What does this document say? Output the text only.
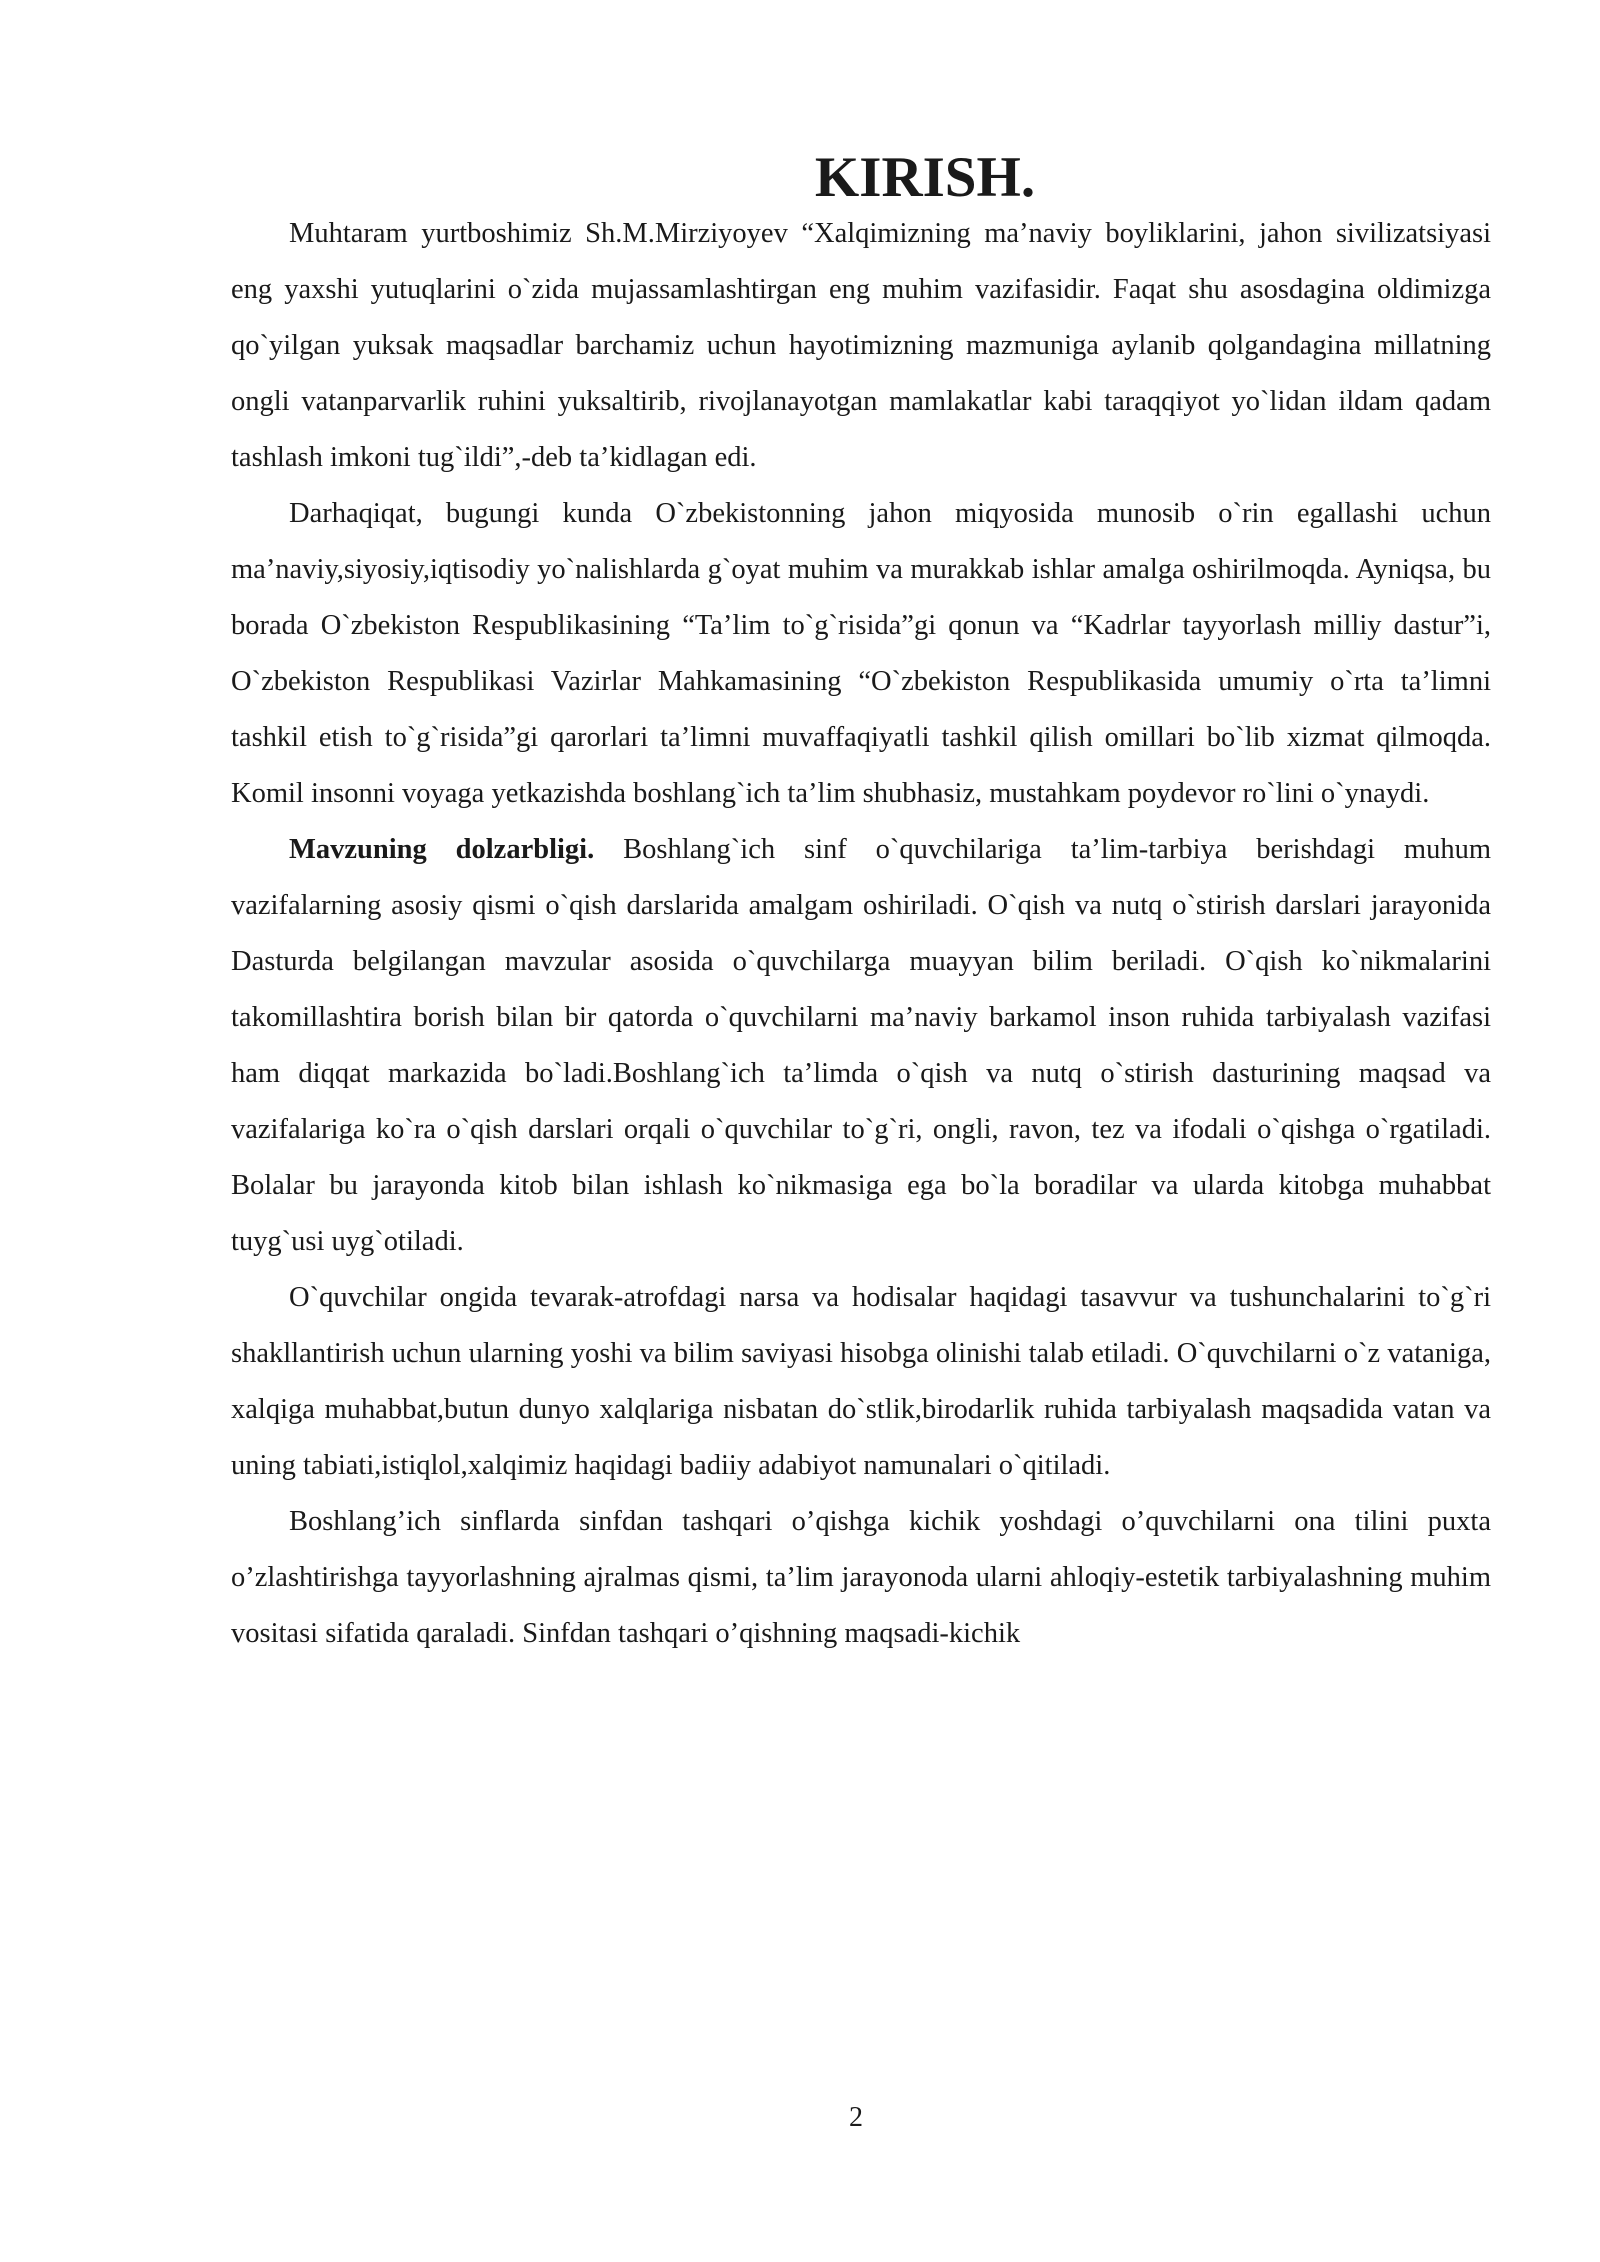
KIRISH.

Muhtaram yurtboshimiz Sh.M.Mirziyoyev “Xalqimizning ma’naviy boyliklarini, jahon sivilizatsiyasi eng yaxshi yutuqlarini o`zida mujassamlashtirgan eng muhim vazifasidir. Faqat shu asosdagina oldimizga qo`yilgan yuksak maqsadlar barchamiz uchun hayotimizning mazmuniga aylanib qolgandagina millatning ongli vatanparvarlik ruhini yuksaltirib, rivojlanayotgan mamlakatlar kabi taraqqiyot yo`lidan ildam qadam tashlash imkoni tug`ildi”,-deb ta’kidlagan edi.

Darhaqiqat, bugungi kunda O`zbekistonning jahon miqyosida munosib o`rin egallashi uchun ma’naviy,siyosiy,iqtisodiy yo`nalishlarda g`oyat muhim va murakkab ishlar amalga oshirilmoqda. Ayniqsa, bu borada O`zbekiston Respublikasining “Ta’lim to`g`risida”gi qonun va “Kadrlar tayyorlash milliy dastur”i, O`zbekiston Respublikasi Vazirlar Mahkamasining “O`zbekiston Respublikasida umumiy o`rta ta’limni tashkil etish to`g`risida”gi qarorlari ta’limni muvaffaqiyatli tashkil qilish omillari bo`lib xizmat qilmoqda. Komil insonni voyaga yetkazishda boshlang`ich ta’lim shubhasiz, mustahkam poydevor ro`lini o`ynaydi.

Mavzuning dolzarbligi. Boshlang`ich sinf o`quvchilariga ta’lim-tarbiya berishdagi muhum vazifalarning asosiy qismi o`qish darslarida amalgam oshiriladi. O`qish va nutq o`stirish darslari jarayonida Dasturda belgilangan mavzular asosida o`quvchilarga muayyan bilim beriladi. O`qish ko`nikmalarini takomillashtira borish bilan bir qatorda o`quvchilarni ma’naviy barkamol inson ruhida tarbiyalash vazifasi ham diqqat markazida bo`ladi.Boshlang`ich ta’limda o`qish va nutq o`stirish dasturining maqsad va vazifalariga ko`ra o`qish darslari orqali o`quvchilar to`g`ri, ongli, ravon, tez va ifodali o`qishga o`rgatiladi. Bolalar bu jarayonda kitob bilan ishlash ko`nikmasiga ega bo`la boradilar va ularda kitobga muhabbat tuyg`usi uyg`otiladi.

O`quvchilar ongida tevarak-atrofdagi narsa va hodisalar haqidagi tasavvur va tushunchalarini to`g`ri shakllantirish uchun ularning yoshi va bilim saviyasi hisobga olinishi talab etiladi. O`quvchilarni o`z vataniga, xalqiga muhabbat,butun dunyo xalqlariga nisbatan do`stlik,birodarlik ruhida tarbiyalash maqsadida vatan va uning tabiati,istiqlol,xalqimiz haqidagi badiiy adabiyot namunalari o`qitiladi.

Boshlang’ich sinflarda sinfdan tashqari o’qishga kichik yoshdagi o’quvchilarni ona tilini puxta o’zlashtirishga tayyorlashning ajralmas qismi, ta’lim jarayonoda ularni ahloqiy-estetik tarbiyalashning muhim vositasi sifatida qaraladi. Sinfdan tashqari o’qishning maqsadi-kichik

2
